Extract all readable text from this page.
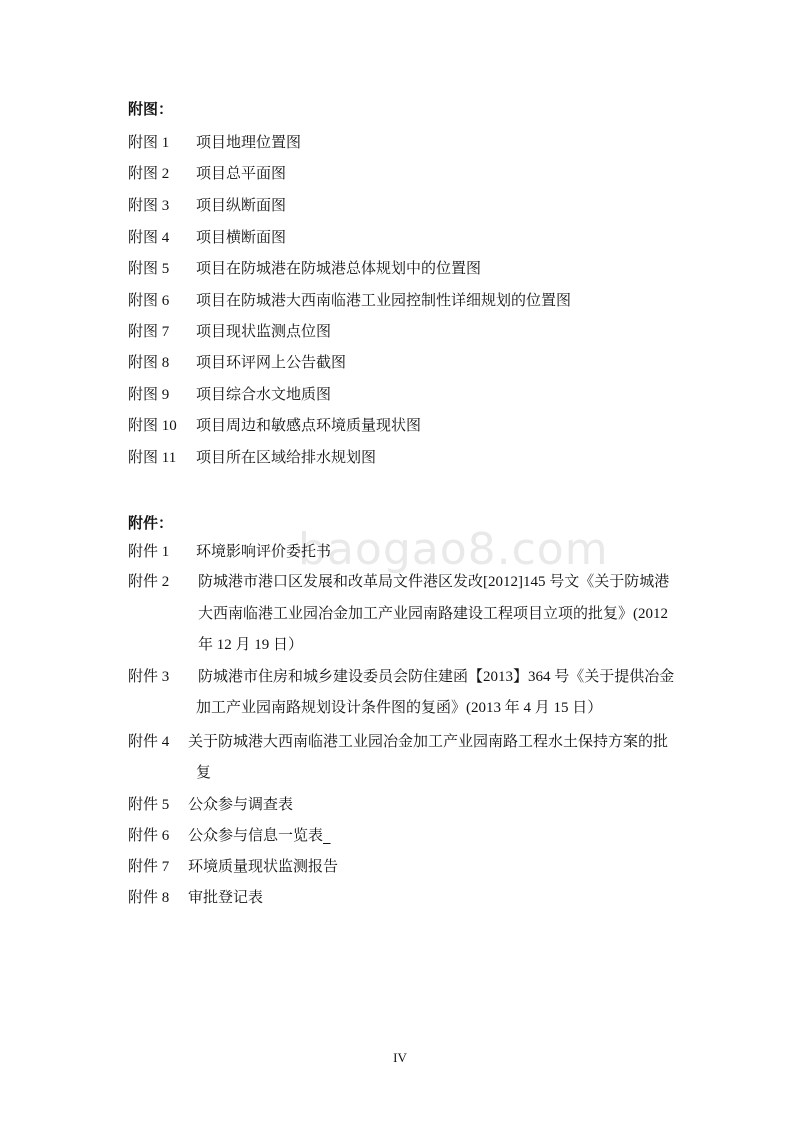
附图：
附图 1 项目地理位置图
附图 2 项目总平面图
附图 3 项目纵断面图
附图 4 项目横断面图
附图 5 项目在防城港在防城港总体规划中的位置图
附图 6 项目在防城港大西南临港工业园控制性详细规划的位置图
附图 7 项目现状监测点位图
附图 8 项目环评网上公告截图
附图 9 项目综合水文地质图
附图 10 项目周边和敏感点环境质量现状图
附图 11 项目所在区域给排水规划图
附件：	baogao8.com
附件 1 环境影响评价委托书
附件 2 防城港市港口区发展和改革局文件港区发改[2012]145 号文《关于防城港
大西南临港工业园冶金加工产业园南路建设工程项目立项的批复》(2012
年 12 月 19 日）
附件 3 防城港市住房和城乡建设委员会防住建函【2013】364 号《关于提供冶金
加工产业园南路规划设计条件图的复函》(2013 年 4 月 15 日）
附件 4 关于防城港大西南临港工业园冶金加工产业园南路工程水土保持方案的批
复
附件 5 公众参与调查表
附件 6 公众参与信息一览表 
附件 7 环境质量现状监测报告
附件 8 审批登记表
IV
